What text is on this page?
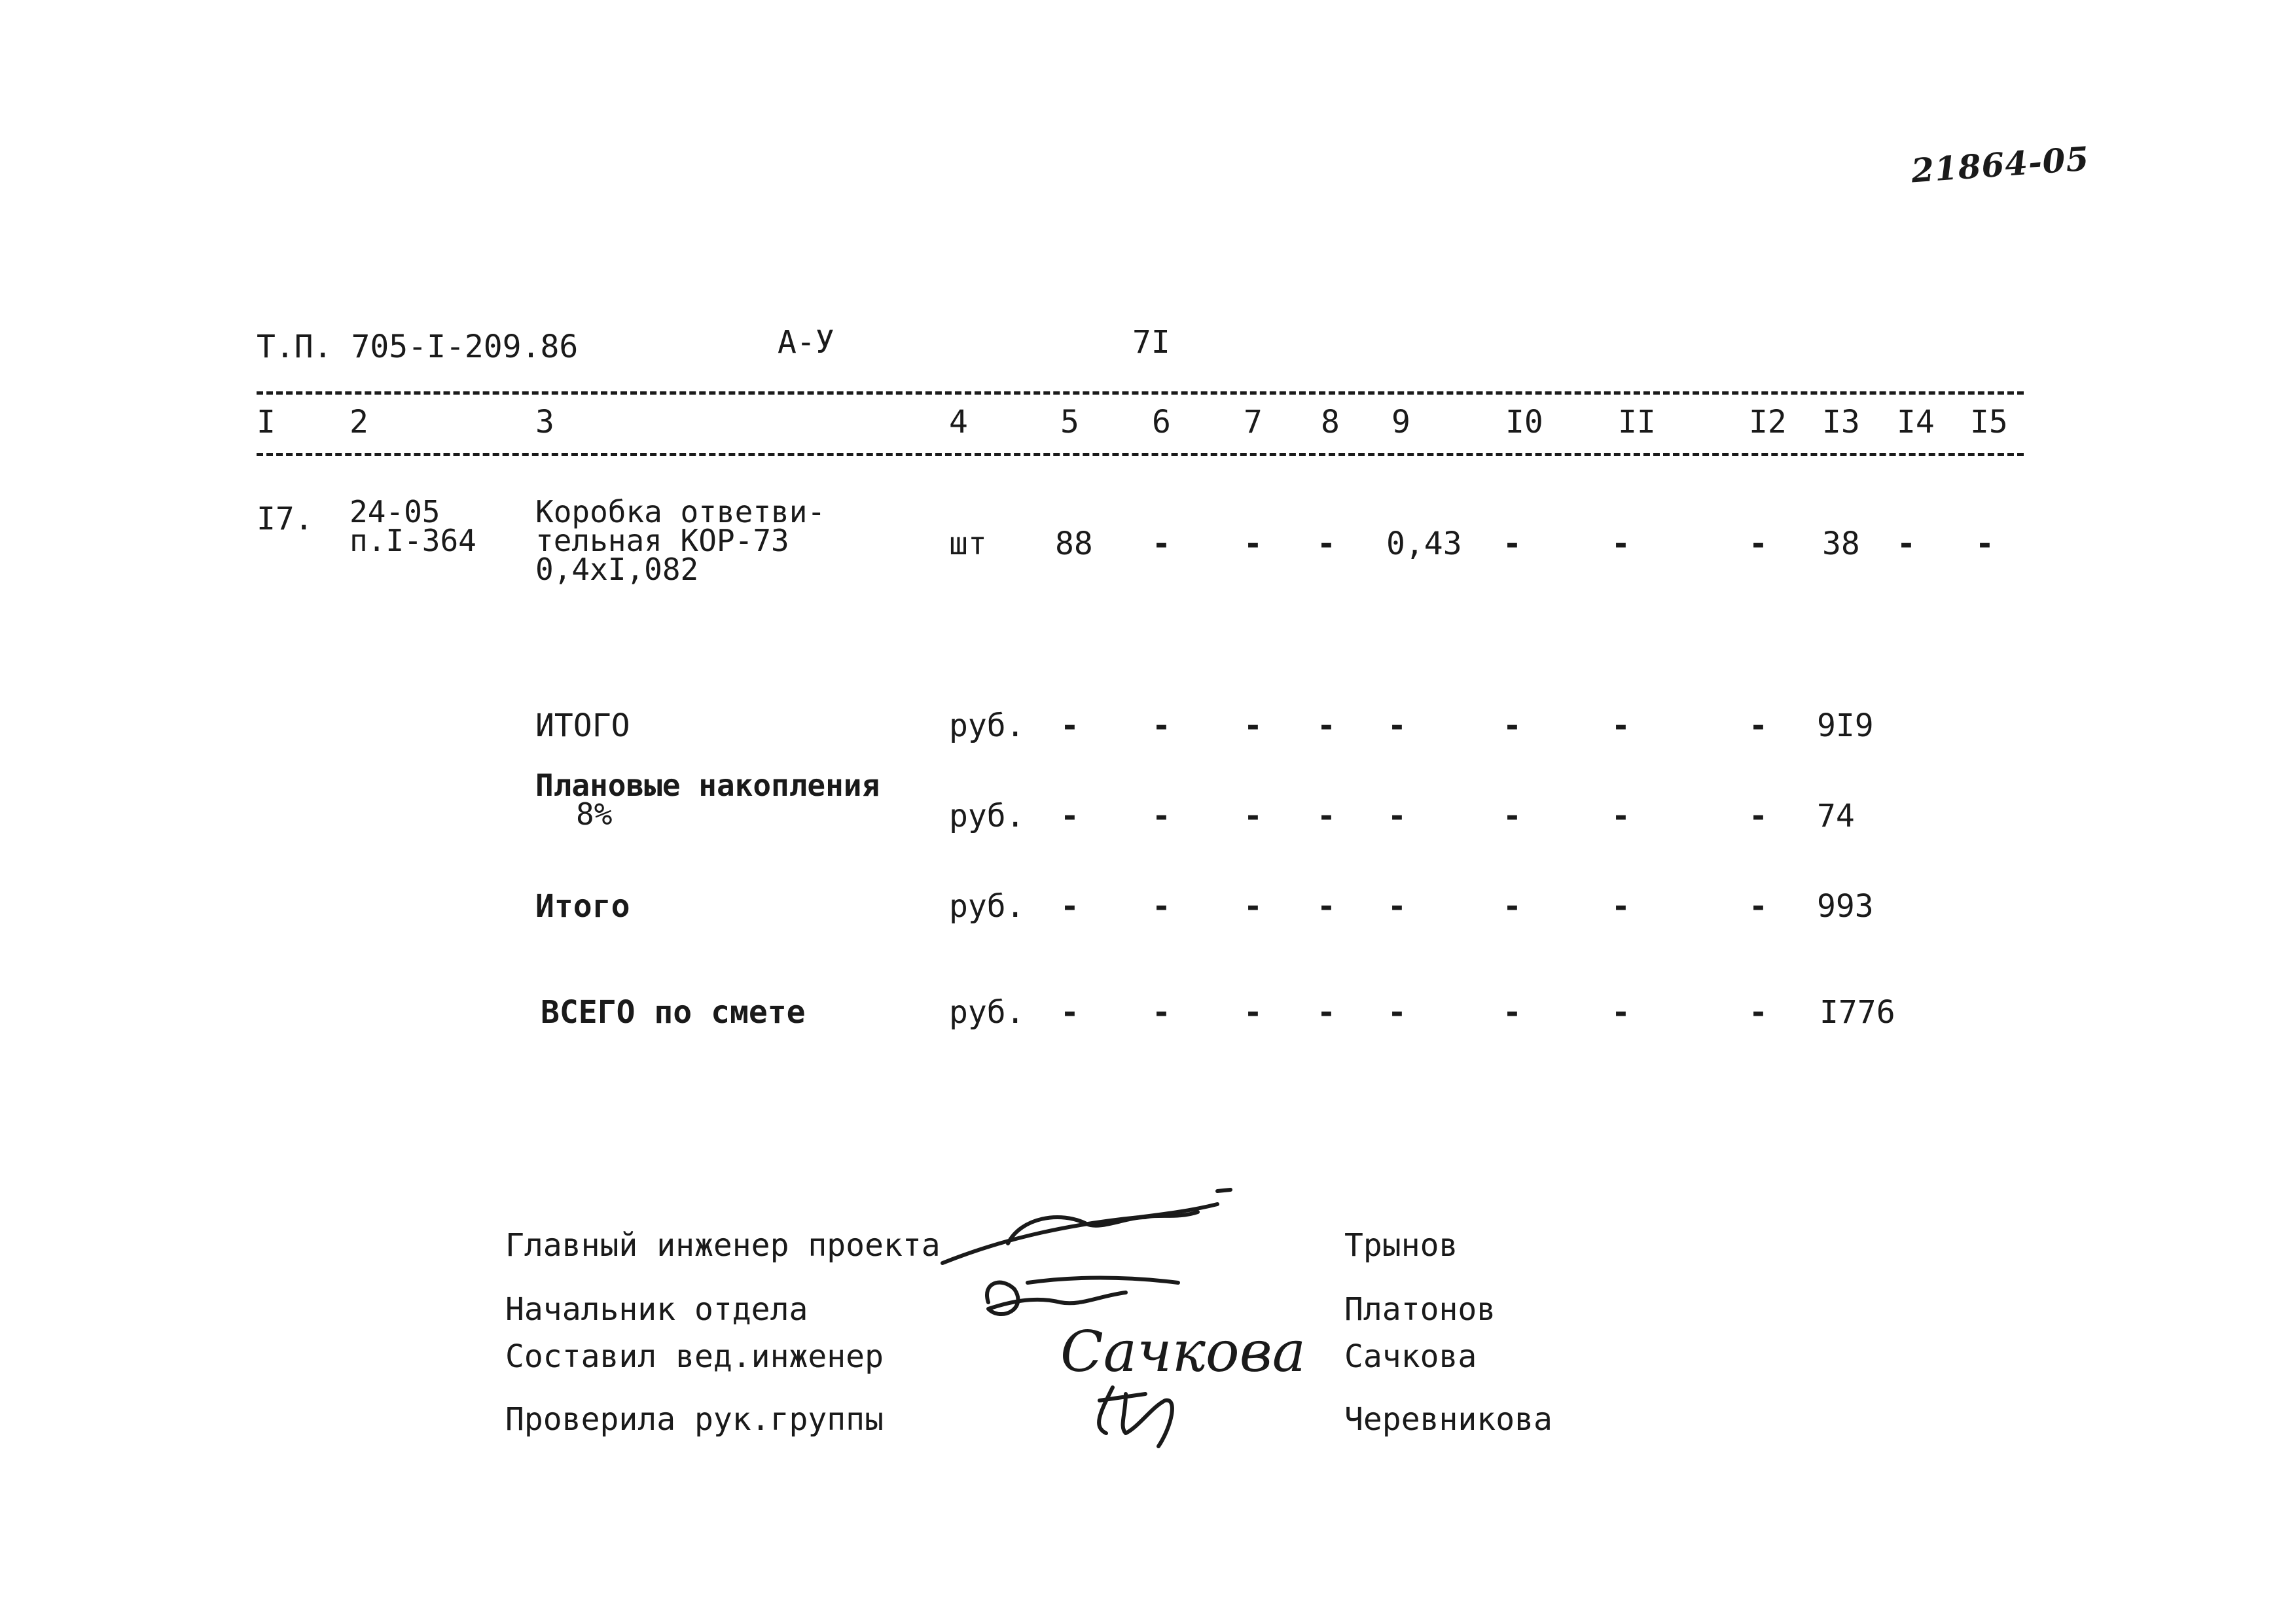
21864-05
Т.П. 705-I-209.86	А-У	7I
I 2	3	4	5 6 7 8 9	I0 II	I2 I3 I4 I5
I7. 24-05
п.I-364
Коробка ответви-
тельная КОР-73
0,4xI,082
шт 88 - - - 0,43 -	-	- 38 - -
ИТОГО	руб. - - - - -	-	-	- 9I9
Плановые накопления
8%	руб. - - - - -	-	-	- 74
Итого	руб. - - - - -	-	-	- 993
ВСЕГО по смете	руб. - - - - -	-	-	- I776
Главный инженер проекта	Трынов
Начальник отдела	Платонов
Составил вед.инженер	Сачкова
Проверила рук.группы	Черевникова
Сачкова
